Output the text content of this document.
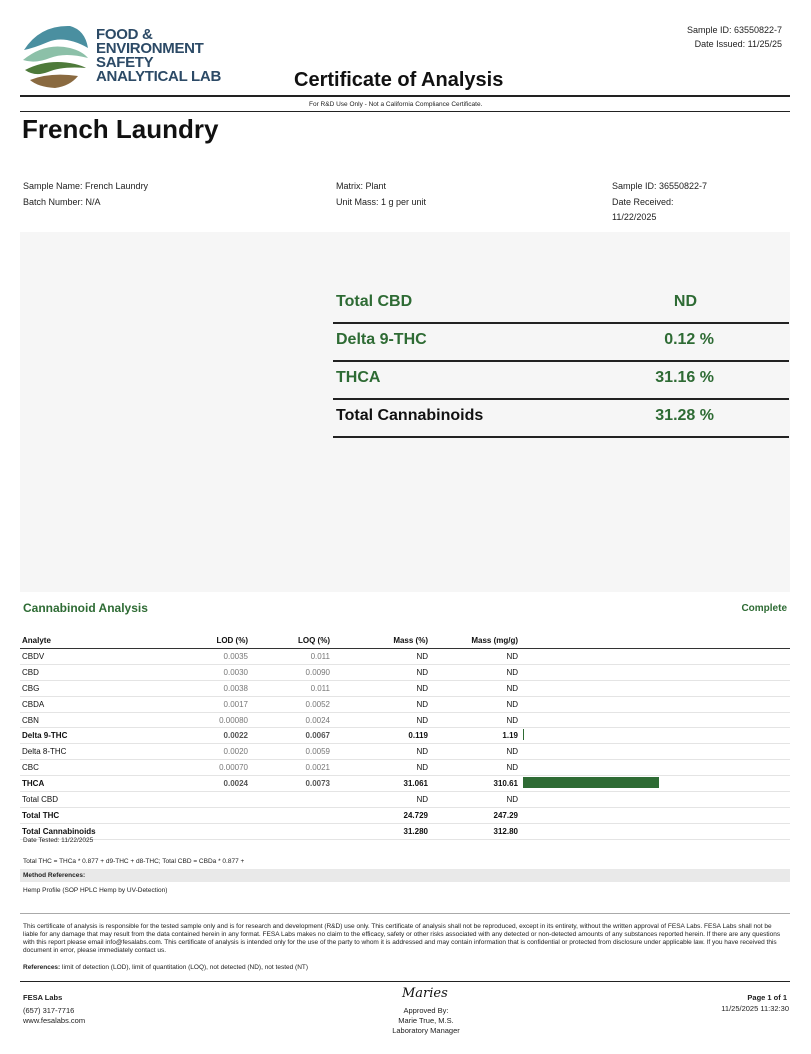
FOOD &
ENVIRONMENT
SAFETY
ANALYTICAL LAB
Sample ID: 63550822-7
Date Issued: 11/25/25
Certificate of Analysis
For R&D Use Only - Not a California Compliance Certificate.
French Laundry
Sample Name: French Laundry
Batch Number: N/A
Matrix: Plant
Unit Mass: 1 g per unit
Sample ID: 36550822-7
Date Received:
11/22/2025
Total CBD	ND
Delta 9-THC	0.12 %
THCA	31.16 %
Total Cannabinoids	31.28 %
Cannabinoid Analysis	Complete
Analyte	LOD (%)	LOQ (%)	Mass (%)	Mass (mg/g)	
CBDV	0.0035	0.011	ND	ND	
CBD	0.0030	0.0090	ND	ND	
CBG	0.0038	0.011	ND	ND	
CBDA	0.0017	0.0052	ND	ND	
CBN	0.00080	0.0024	ND	ND	
Delta 9-THC	0.0022	0.0067	0.119	1.19	

Delta 8-THC	0.0020	0.0059	ND	ND	
CBC	0.00070	0.0021	ND	ND	
THCA	0.0024	0.0073	31.061	310.61	

Total CBD			ND	ND	
Total THC			24.729	247.29	
Total Cannabinoids			31.280	312.80	
Date Tested: 11/22/2025
Total THC = THCa * 0.877 + d9-THC + d8-THC; Total CBD = CBDa * 0.877 +
Method References:
Hemp Profile (SOP HPLC Hemp by UV-Detection)
This certificate of analysis is responsible for the tested sample only and is for research and development (R&D) use only. This certificate of analysis shall not be reproduced, except in its entirety, without the written approval of FESA Labs. FESA Labs shall not be liable for any damage that may result from the data contained herein in any format. FESA Labs makes no claim to the efficacy, safety or other risks associated with any detected or non-detected amounts of any substances reported herein. If there are any questions with this report please email info@fesalabs.com. This certificate of analysis is intended only for the use of the party to whom it is addressed and may contain information that is confidential or protected from disclosure under applicable law. If you have received this document in error, please immediately contact us.
References: limit of detection (LOD), limit of quantitation (LOQ), not detected (ND), not tested (NT)
FESA Labs
(657) 317-7716
www.fesalabs.com
Maries
Approved By:
Marie True, M.S.
Laboratory Manager
Page 1 of 1
11/25/2025 11:32:30
